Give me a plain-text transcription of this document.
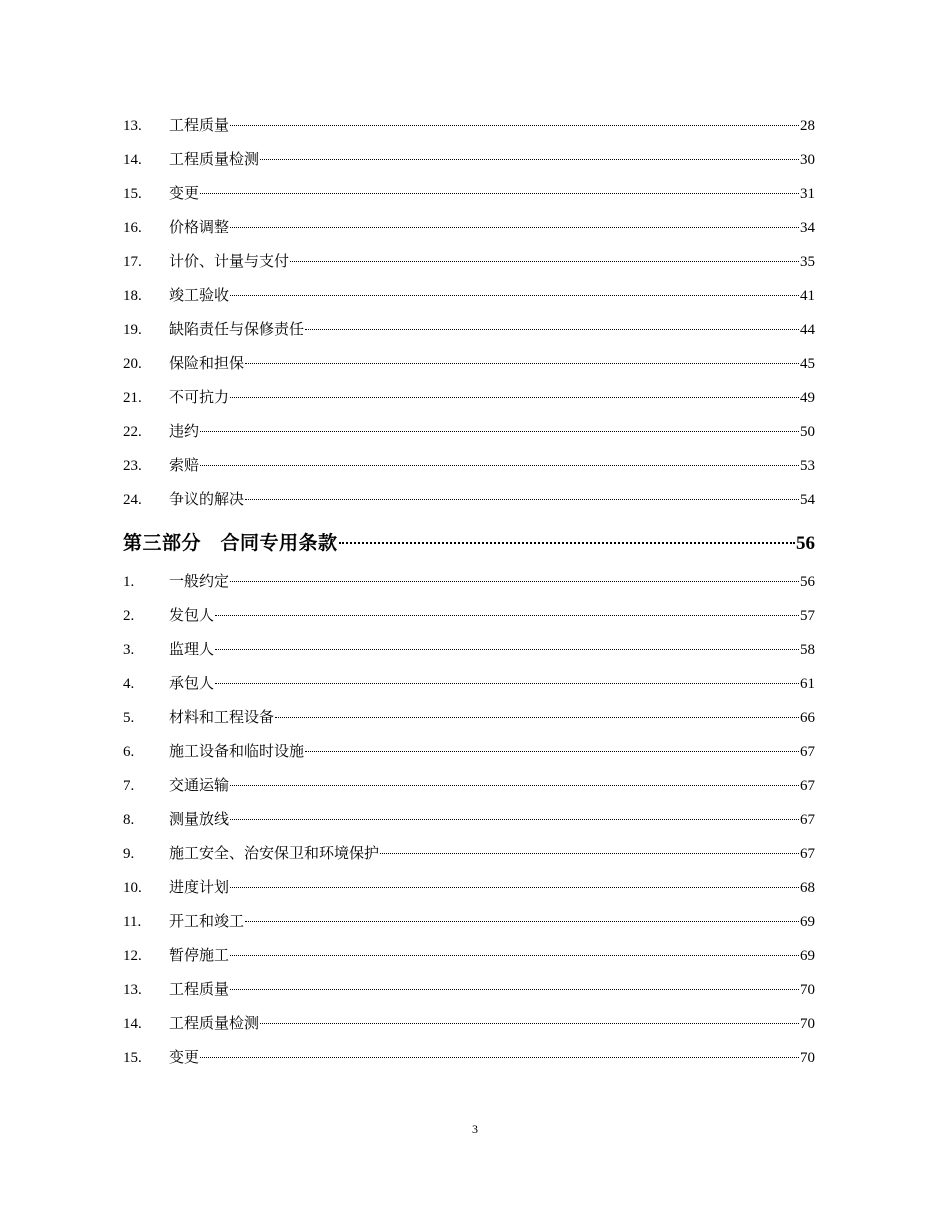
13.	工程质量	28
14.	工程质量检测	30
15.	变更	31
16.	价格调整	34
17.	计价、计量与支付	35
18.	竣工验收	41
19.	缺陷责任与保修责任	44
20.	保险和担保	45
21.	不可抗力	49
22.	违约	50
23.	索赔	53
24.	争议的解决	54
第三部分　合同专用条款	56
1.	一般约定	56
2.	发包人	57
3.	监理人	58
4.	承包人	61
5.	材料和工程设备	66
6.	施工设备和临时设施	67
7.	交通运输	67
8.	测量放线	67
9.	施工安全、治安保卫和环境保护	67
10.	进度计划	68
11.	开工和竣工	69
12.	暂停施工	69
13.	工程质量	70
14.	工程质量检测	70
15.	变更	70
3
